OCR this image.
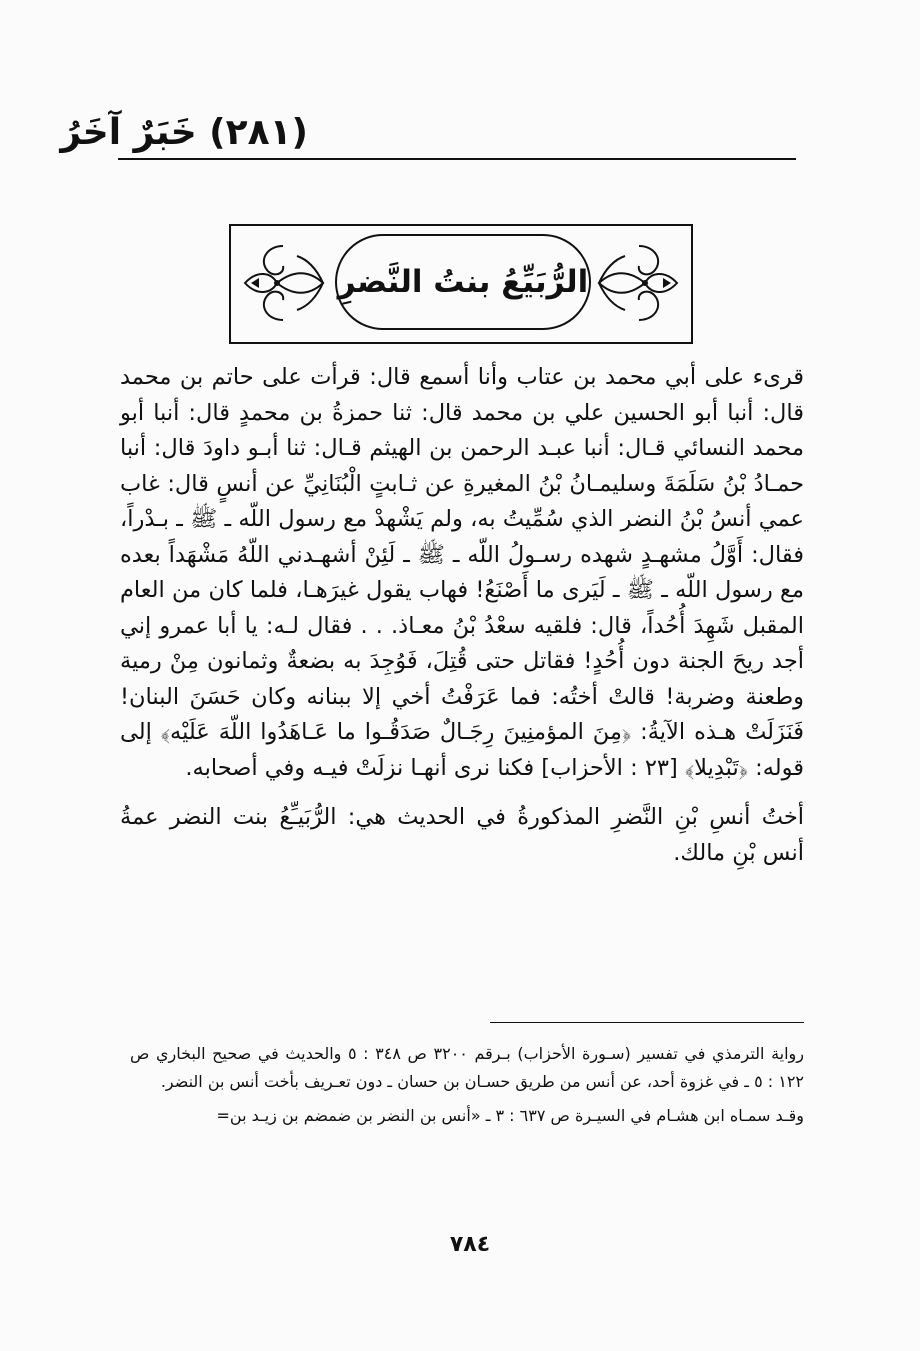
(٢٨١) خَبَرٌ آخَرُ
الرُّبَيِّعُ بنتُ النَّضرِ

قرىء على أبي محمد بن عتاب وأنا أسمع قال: قرأت على حاتم بن محمد قال: أنبا أبو الحسين علي بن محمد قال: ثنا حمزةُ بن محمدٍ قال: أنبا أبو محمد النسائي قـال: أنبا عبـد الرحمن بن الهيثم قـال: ثنا أبـو داودَ قال: أنبا حمـادُ بْنُ سَلَمَةَ وسليمـانُ بْنُ المغيرةِ عن ثـابتٍ الْبُنَانِيِّ عن أنسٍ قال: غاب عمي أنسُ بْنُ النضر الذي سُمِّيتُ به، ولم يَشْهدْ مع رسول اللّه ـ ﷺ ـ بـدْراً، فقال: أَوَّلُ مشهـدٍ شهده رسـولُ اللّه ـ ﷺ ـ لَئِنْ أشهـدني اللّهُ مَشْهَداً بعده مع رسول اللّه ـ ﷺ ـ لَيَرى ما أَصْنَعُ! فهاب يقول غيرَهـا، فلما كان من العام المقبل شَهِدَ أُحُداً، قال: فلقيه سعْدُ بْنُ معـاذ. . . فقال لـه: يا أبا عمرو إني أجد ريحَ الجنة دون أُحُدٍ! فقاتل حتى قُتِلَ، فَوُجِدَ به بضعةٌ وثمانون مِنْ رمية وطعنة وضربة! قالتْ أختُه: فما عَرَفْتُ أخي إلا ببنانه وكان حَسَنَ البنان! فَنَزَلَتْ هـذه الآيةُ: ﴿مِنَ المؤمنِينَ رِجَـالٌ صَدَقُـوا ما عَـاهَدُوا اللّهَ عَلَيْه﴾ إلى قوله: ﴿تَبْدِيلا﴾ [٢٣ : الأحزاب] فكنا نرى أنهـا نزلَتْ فيـه وفي أصحابه.

أختُ أنسِ بْنِ النَّضرِ المذكورةُ في الحديث هي: الرُّبَيـِّعُ بنت النضر عمةُ أنس بْنِ مالك.

رواية الترمذي في تفسير (سـورة الأحزاب) بـرقم ٣٢٠٠ ص ٣٤٨ : ٥ والحديث في صحيح البخاري ص ١٢٢ : ٥ ـ في غزوة أحد، عن أنس من طريق حسـان بن حسان ـ دون تعـريف بأخت أنس بن النضر.

وقـد سمـاه ابن هشـام في السيـرة ص ٦٣٧ : ٣ ـ «أنس بن النضر بن ضمضم بن زيـد بن=

٧٨٤
